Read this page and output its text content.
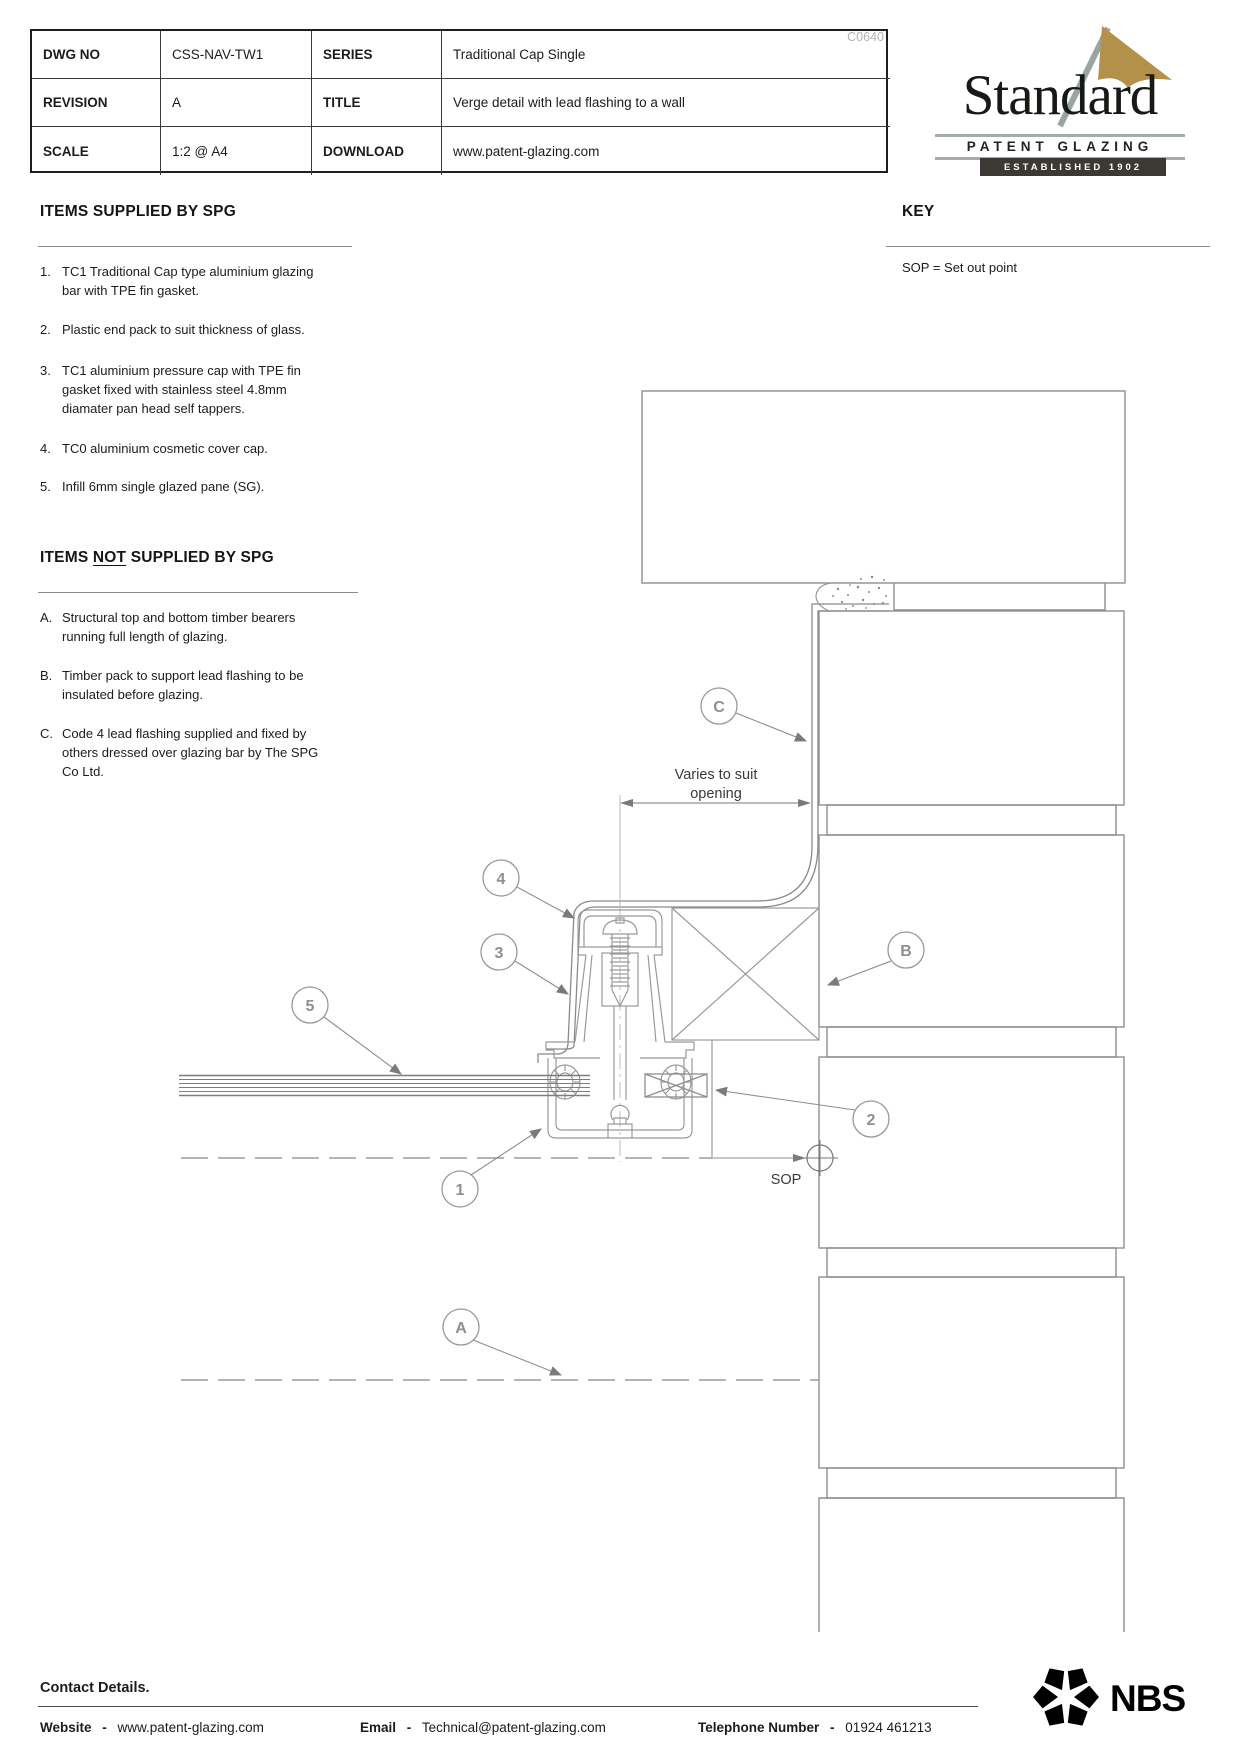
C0640
DWG NO	CSS-NAV-TW1	SERIES	Traditional Cap Single
REVISION	A	TITLE	Verge detail with lead flashing to a wall
SCALE	1:2 @ A4	DOWNLOAD	www.patent-glazing.com
Standard
PATENT GLAZING
ESTABLISHED 1902
ITEMS SUPPLIED BY SPG
1. TC1 Traditional Cap type aluminium glazing bar with TPE fin gasket.
2. Plastic end pack to suit thickness of glass.
3. TC1 aluminium pressure cap with TPE fin gasket fixed with stainless steel 4.8mm diamater pan head self tappers.
4. TC0 aluminium cosmetic cover cap.
5. Infill 6mm single glazed pane (SG).
ITEMS NOT SUPPLIED BY SPG
A. Structural top and bottom timber bearers running full length of glazing.
B. Timber pack to support lead flashing to be insulated before glazing.
C. Code 4 lead flashing supplied and fixed by others dressed over glazing bar by The SPG Co Ltd.
KEY
SOP = Set out point
Varies to suit
opening
SOP
1
2
3
4
5
A
B
C
Contact Details.
Website - www.patent-glazing.com	Email - Technical@patent-glazing.com	Telephone Number - 01924 461213
NBS
